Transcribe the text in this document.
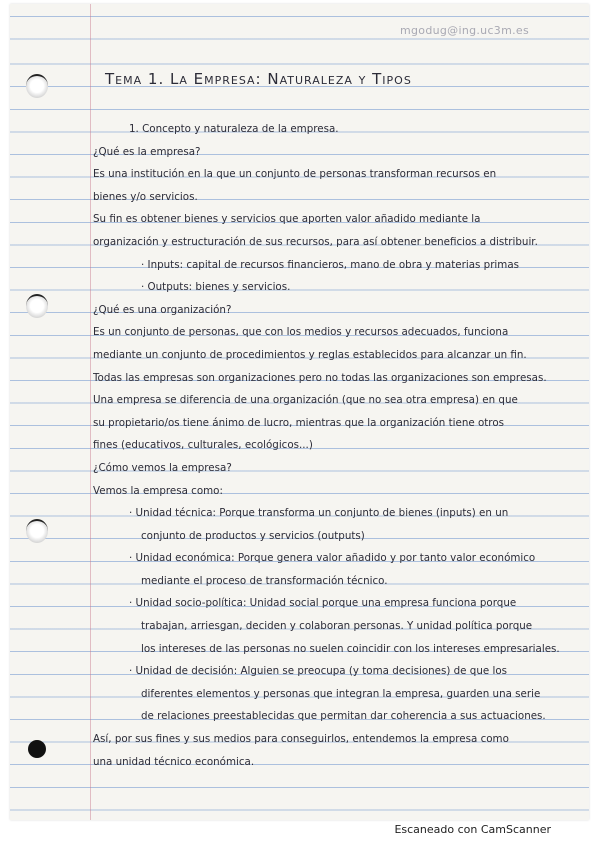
mgodug@ing.uc3m.es
Tema 1. La Empresa: Naturaleza y Tipos
1. Concepto y naturaleza de la empresa.
¿Qué es la empresa?
Es una institución en la que un conjunto de personas transforman recursos en
bienes y/o servicios.
Su fin es obtener bienes y servicios que aporten valor añadido mediante la
organización y estructuración de sus recursos, para así obtener beneficios a distribuir.
· Inputs: capital de recursos financieros, mano de obra y materias primas
· Outputs: bienes y servicios.
¿Qué es una organización?
Es un conjunto de personas, que con los medios y recursos adecuados, funciona
mediante un conjunto de procedimientos y reglas establecidos para alcanzar un fin.
Todas las empresas son organizaciones pero no todas las organizaciones son empresas.
Una empresa se diferencia de una organización (que no sea otra empresa) en que
su propietario/os tiene ánimo de lucro, mientras que la organización tiene otros
fines (educativos, culturales, ecológicos...)
¿Cómo vemos la empresa?
Vemos la empresa como:
· Unidad técnica: Porque transforma un conjunto de bienes (inputs) en un
conjunto de productos y servicios (outputs)
· Unidad económica: Porque genera valor añadido y por tanto valor económico
mediante el proceso de transformación técnico.
· Unidad socio-política: Unidad social porque una empresa funciona porque
trabajan, arriesgan, deciden y colaboran personas. Y unidad política porque
los intereses de las personas no suelen coincidir con los intereses empresariales.
· Unidad de decisión: Alguien se preocupa (y toma decisiones) de que los
diferentes elementos y personas que integran la empresa, guarden una serie
de relaciones preestablecidas que permitan dar coherencia a sus actuaciones.
Así, por sus fines y sus medios para conseguirlos, entendemos la empresa como
una unidad técnico económica.
Escaneado con CamScanner
